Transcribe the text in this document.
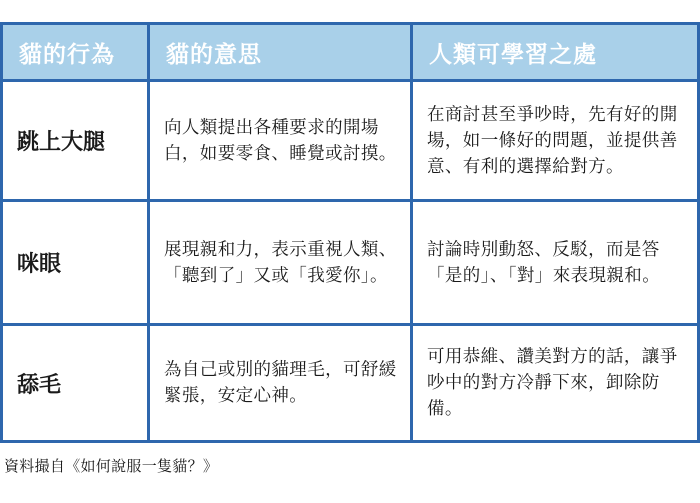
貓的行為	貓的意思	人類可學習之處
跳上大腿
向人類提出各種要求的開場白，如要零食、睡覺或討摸。
在商討甚至爭吵時，先有好的開場，如一條好的問題，並提供善意、有利的選擇給對方。
咪眼
展現親和力，表示重視人類、「聽到了」又或「我愛你」。
討論時別動怒、反駁，而是答「是的」、「對」來表現親和。
舔毛
為自己或別的貓理毛，可舒緩緊張，安定心神。
可用恭維、讚美對方的話，讓爭吵中的對方冷靜下來，卸除防備。
資料撮自《如何說服一隻貓？》
